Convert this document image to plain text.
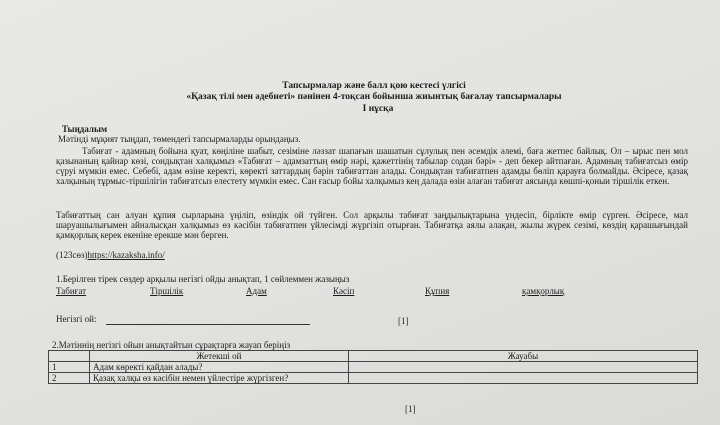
Тапсырмалар және балл қою кестесі үлгісі
«Қазақ тілі мен әдебиеті» пәнінен 4-тоқсан бойынша жиынтық бағалау тапсырмалары
I нұсқа
Тыңдалым
Мәтінді мұқият тыңдап, төмендегі тапсырмаларды орындаңыз.
Табиғат - адамның бойына қуат, көңіліне шабыт, сезіміне ләззат шапағын шашатын сұлулық пен әсемдік әлемі, бағa жетпес байлық. Ол – ырыс пен мол қазынаның қайнар көзі, сондықтан халқымыз «Табиғат – адамзаттың өмір нәрі, қажеттінің табылар содан бәрі» - деп бекер айтпаған. Адамның табиғатсыз өмір сүруі мүмкін емес. Себебі, адам өзіне керекті, көректі заттардың бәрін табиғаттан алады. Сондықтан табиғатпен адамды бөліп қарауға болмайды. Әсіресе, қазақ халқының тұрмыс-тіршілігін табиғатсыз елестету мүмкін емес. Сан ғасыр бойы халқымыз кең далада өзін алаған табиғат аясында көшпі-қоныи тіршілік еткен.
Табиғаттың сан алуан құпия сырларына үңіліп, өзіндік ой түйген. Сол арқылы табиғат заңдылықтарына үндесіп, бірлікте өмір сүрген. Әсіресе, мал шаруашылығымен айналысқан халқымыз өз кәсібін табиғатпен үйлесімді жүргізіп отырған. Табиғатқа аялы алақан, жылы жүрек сезімі, көздің қарашығындай қамқорлық керек екеніне ерекше мән берген.
(123сөз)https://kazaksha.info/
1.Берілген тірек сөздер арқылы негізгі ойды анықтап, 1 сөйлеммен жазыңыз
Табиғат	Тіршілік	Адам	Кәсіп	Құпия	қамқорлық
Негізгі ой:	[1]
2.Мәтіннің негізгі ойын анықтайтын сұрақтарға жауап беріңіз
	Жетекші ой	Жауабы
1	Адам көректі қайдан алады?	
2	Қазақ халқы өз кәсібін немен үйлестіре жүргізген?	
[1]
